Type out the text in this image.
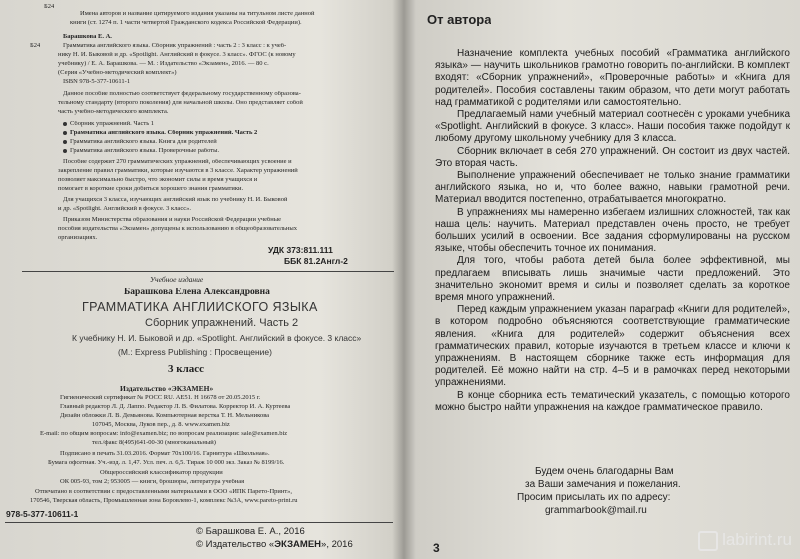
Б24
Имена авторов и название цитируемого издания указаны на титульном листе данной
книги (ст. 1274 п. 1 части четвертой Гражданского кодекса Российской Федерации).
Барашкова Е. А.
Б24	Грамматика английского языка. Сборник упражнений : часть 2 : 3 класс : к учеб-
нику Н. И. Быковой и др. «Spotlight. Английский в фокусе. 3 класс». ФГОС (к новому
учебнику) / Е. А. Барашкова. — М. : Издательство «Экзамен», 2016. — 80 с.
(Серия «Учебно-методический комплект»)
ISBN 978-5-377-10611-1
Данное пособие полностью соответствует федеральному государственному образова-
тельному стандарту (второго поколения) для начальной школы. Оно представляет собой
часть учебно-методического комплекта.
Сборник упражнений. Часть 1
Грамматика английского языка. Сборник упражнений. Часть 2
Грамматика английского языка. Книга для родителей
Грамматика английского языка. Проверочные работы.
Пособие содержит 270 грамматических упражнений, обеспечивающих усвоение и
закрепление правил грамматики, которые изучаются в 3 классе. Характер упражнений
позволяет максимально быстро, что экономит силы и время учащихся и
помогает в короткие сроки добиться хорошего знания грамматики.
Для учащихся 3 класса, изучающих английский язык по учебнику Н. И. Быковой
и др. «Spotlight. Английский в фокусе. 3 класс».
Приказом Министерства образования и науки Российской Федерации учебные
пособия издательства «Экзамен» допущены к использованию в общеобразовательных
организациях.
УДК 373:811.111
ББК 81.2Англ-2
Учебное издание
Барашкова Елена Александровна
ГРАММАТИКА АНГЛИЙСКОГО ЯЗЫКА
Сборник упражнений. Часть 2
К учебнику Н. И. Быковой и др. «Spotlight. Английский в фокусе. 3 класс»
(М.: Express Publishing : Просвещение)
3 класс
Издательство «ЭКЗАМЕН»
Гигиенический сертификат № РОСС RU. AE51. Н 16678 от 20.05.2015 г.
Главный редактор Л. Д. Лаппо. Редактор Л. В. Филатова. Корректор И. А. Куртеева
Дизайн обложки Л. В. Демьянова. Компьютерная верстка Т. Н. Мельникова
107045, Москва, Луков пер., д. 8. www.examen.biz
E-mail: по общим вопросам: info@examen.biz; по вопросам реализации: sale@examen.biz
тел./факс 8(495)641-00-30 (многоканальный)
Подписано в печать 31.03.2016. Формат 70х100/16. Гарнитура «Школьная».
Бумага офсетная. Уч.-изд. л. 1,47. Усл. печ. л. 6,5. Тираж 10 000 экз. Заказ № 8199/16.
Общероссийский классификатор продукции
ОК 005-93, том 2; 953005 — книги, брошюры, литература учебная
Отпечатано в соответствии с предоставленными материалами в ООО «ИПК Парето-Принт»,
170546, Тверская область, Промышленная зона Боровлево-1, комплекс №3А, www.pareto-print.ru
978-5-377-10611-1
© Барашкова Е. А., 2016
© Издательство «ЭКЗАМЕН», 2016
От автора

Назначение комплекта учебных пособий «Грамматика английского языка» — научить школьников грамотно говорить по-английски. В комплект входят: «Сборник упражнений», «Проверочные работы» и «Книга для родителей». Пособия составлены таким образом, что дети могут работать над грамматикой с родителями или самостоятельно.

Предлагаемый нами учебный материал соотнесён с уроками учебника «Spotlight. Английский в фокусе. 3 класс». Наши пособия также подойдут к любому другому школьному учебнику для 3 класса.

Сборник включает в себя 270 упражнений. Он состоит из двух частей. Это вторая часть.

Выполнение упражнений обеспечивает не только знание грамматики английского языка, но и, что более важно, навыки грамотной речи. Материал вводится постепенно, отрабатывается многократно.

В упражнениях мы намеренно избегаем излишних сложностей, так как наша цель: научить. Материал представлен очень просто, не требует больших усилий в освоении. Все задания сформулированы на русском языке, чтобы обеспечить точное их понимания.

Для того, чтобы работа детей была более эффективной, мы предлагаем вписывать лишь значимые части предложений. Это значительно экономит время и силы и позволяет сделать за короткое время много упражнений.

Перед каждым упражнением указан параграф «Книги для родителей», в котором подробно объясняются соответствующие грамматические явления. «Книга для родителей» содержит объяснения всех грамматических правил, которые изучаются в третьем классе и ключи к упражнениям. В настоящем сборнике также есть информация для родителей. Её можно найти на стр. 4–5 и в рамочках перед некоторыми упражнениями.

В конце сборника есть тематический указатель, с помощью которого можно быстро найти упражнения на каждое грамматическое правило.

Будем очень благодарны Вам
за Ваши замечания и пожелания.
Просим присылать их по адресу:
grammarbook@mail.ru
3	labirint.ru
